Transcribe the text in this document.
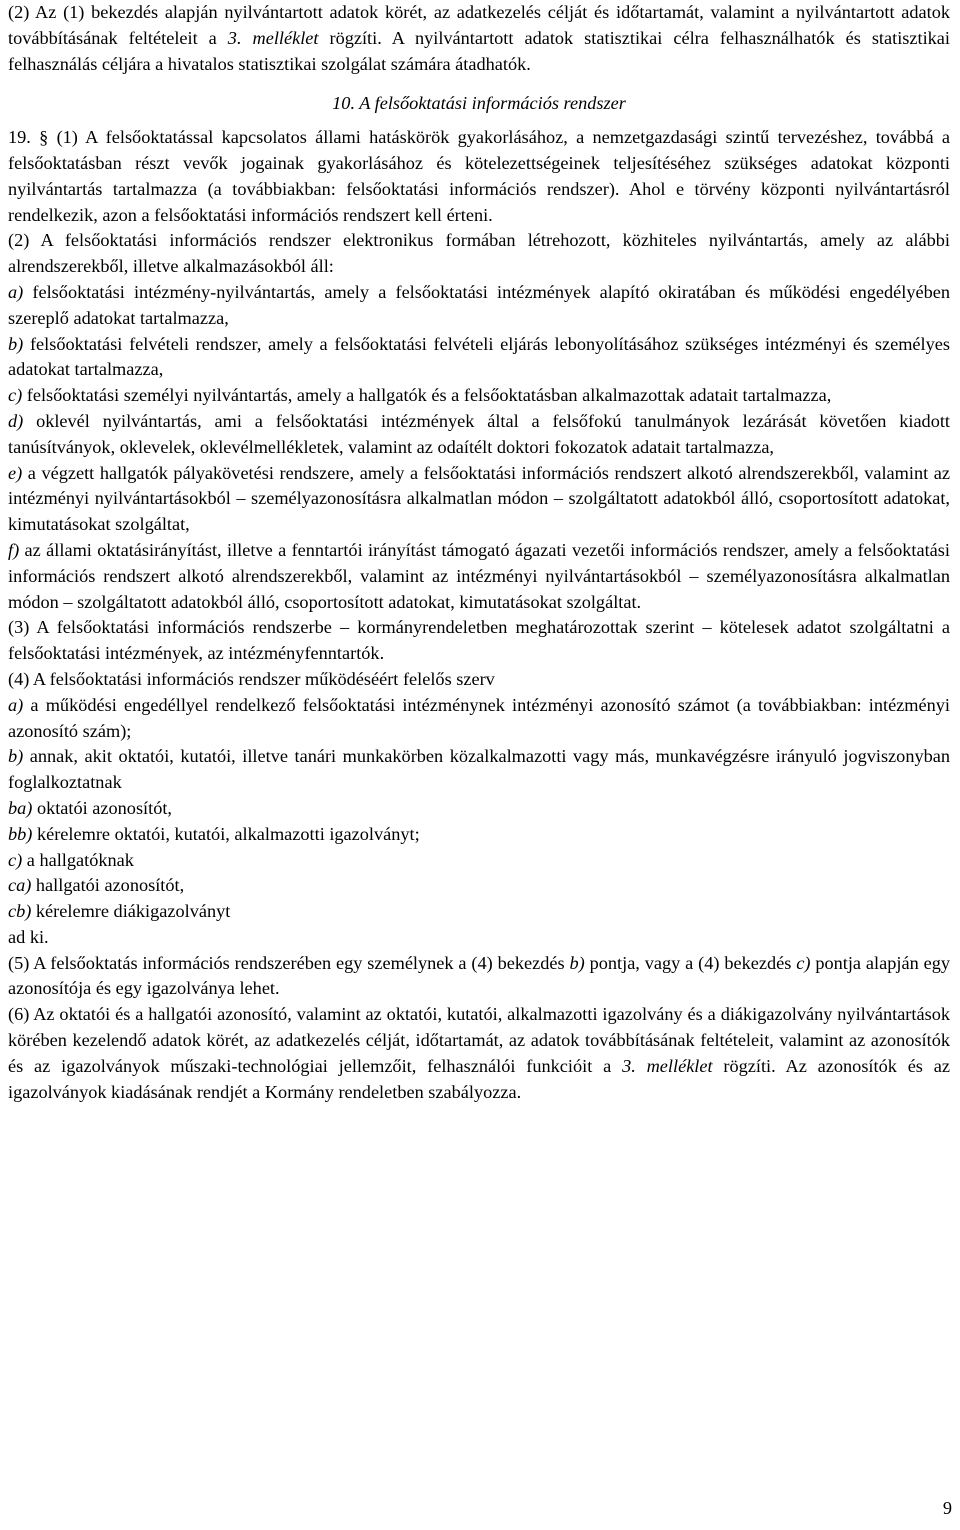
(2) Az (1) bekezdés alapján nyilvántartott adatok körét, az adatkezelés célját és időtartamát, valamint a nyilvántartott adatok továbbításának feltételeit a 3. melléklet rögzíti. A nyilvántartott adatok statisztikai célra felhasználhatók és statisztikai felhasználás céljára a hivatalos statisztikai szolgálat számára átadhatók.

10. A felsőoktatási információs rendszer

19. § (1) A felsőoktatással kapcsolatos állami hatáskörök gyakorlásához, a nemzetgazdasági szintű tervezéshez, továbbá a felsőoktatásban részt vevők jogainak gyakorlásához és kötelezettségeinek teljesítéséhez szükséges adatokat központi nyilvántartás tartalmazza (a továbbiakban: felsőoktatási információs rendszer). Ahol e törvény központi nyilvántartásról rendelkezik, azon a felsőoktatási információs rendszert kell érteni.

(2) A felsőoktatási információs rendszer elektronikus formában létrehozott, közhiteles nyilvántartás, amely az alábbi alrendszerekből, illetve alkalmazásokból áll:

a) felsőoktatási intézmény-nyilvántartás, amely a felsőoktatási intézmények alapító okiratában és működési engedélyében szereplő adatokat tartalmazza,

b) felsőoktatási felvételi rendszer, amely a felsőoktatási felvételi eljárás lebonyolításához szükséges intézményi és személyes adatokat tartalmazza,

c) felsőoktatási személyi nyilvántartás, amely a hallgatók és a felsőoktatásban alkalmazottak adatait tartalmazza,

d) oklevél nyilvántartás, ami a felsőoktatási intézmények által a felsőfokú tanulmányok lezárását követően kiadott tanúsítványok, oklevelek, oklevélmellékletek, valamint az odaítélt doktori fokozatok adatait tartalmazza,

e) a végzett hallgatók pályakövetési rendszere, amely a felsőoktatási információs rendszert alkotó alrendszerekből, valamint az intézményi nyilvántartásokból – személyazonosításra alkalmatlan módon – szolgáltatott adatokból álló, csoportosított adatokat, kimutatásokat szolgáltat,

f) az állami oktatásirányítást, illetve a fenntartói irányítást támogató ágazati vezetői információs rendszer, amely a felsőoktatási információs rendszert alkotó alrendszerekből, valamint az intézményi nyilvántartásokból – személyazonosításra alkalmatlan módon – szolgáltatott adatokból álló, csoportosított adatokat, kimutatásokat szolgáltat.

(3) A felsőoktatási információs rendszerbe – kormányrendeletben meghatározottak szerint – kötelesek adatot szolgáltatni a felsőoktatási intézmények, az intézményfenntartók.

(4) A felsőoktatási információs rendszer működéséért felelős szerv

a) a működési engedéllyel rendelkező felsőoktatási intézménynek intézményi azonosító számot (a továbbiakban: intézményi azonosító szám);

b) annak, akit oktatói, kutatói, illetve tanári munkakörben közalkalmazotti vagy más, munkavégzésre irányuló jogviszonyban foglalkoztatnak

ba) oktatói azonosítót,

bb) kérelemre oktatói, kutatói, alkalmazotti igazolványt;

c) a hallgatóknak

ca) hallgatói azonosítót,

cb) kérelemre diákigazolványt

ad ki.

(5) A felsőoktatás információs rendszerében egy személynek a (4) bekezdés b) pontja, vagy a (4) bekezdés c) pontja alapján egy azonosítója és egy igazolványa lehet.

(6) Az oktatói és a hallgatói azonosító, valamint az oktatói, kutatói, alkalmazotti igazolvány és a diákigazolvány nyilvántartások körében kezelendő adatok körét, az adatkezelés célját, időtartamát, az adatok továbbításának feltételeit, valamint az azonosítók és az igazolványok műszaki-technológiai jellemzőit, felhasználói funkcióit a 3. melléklet rögzíti. Az azonosítók és az igazolványok kiadásának rendjét a Kormány rendeletben szabályozza.

9
